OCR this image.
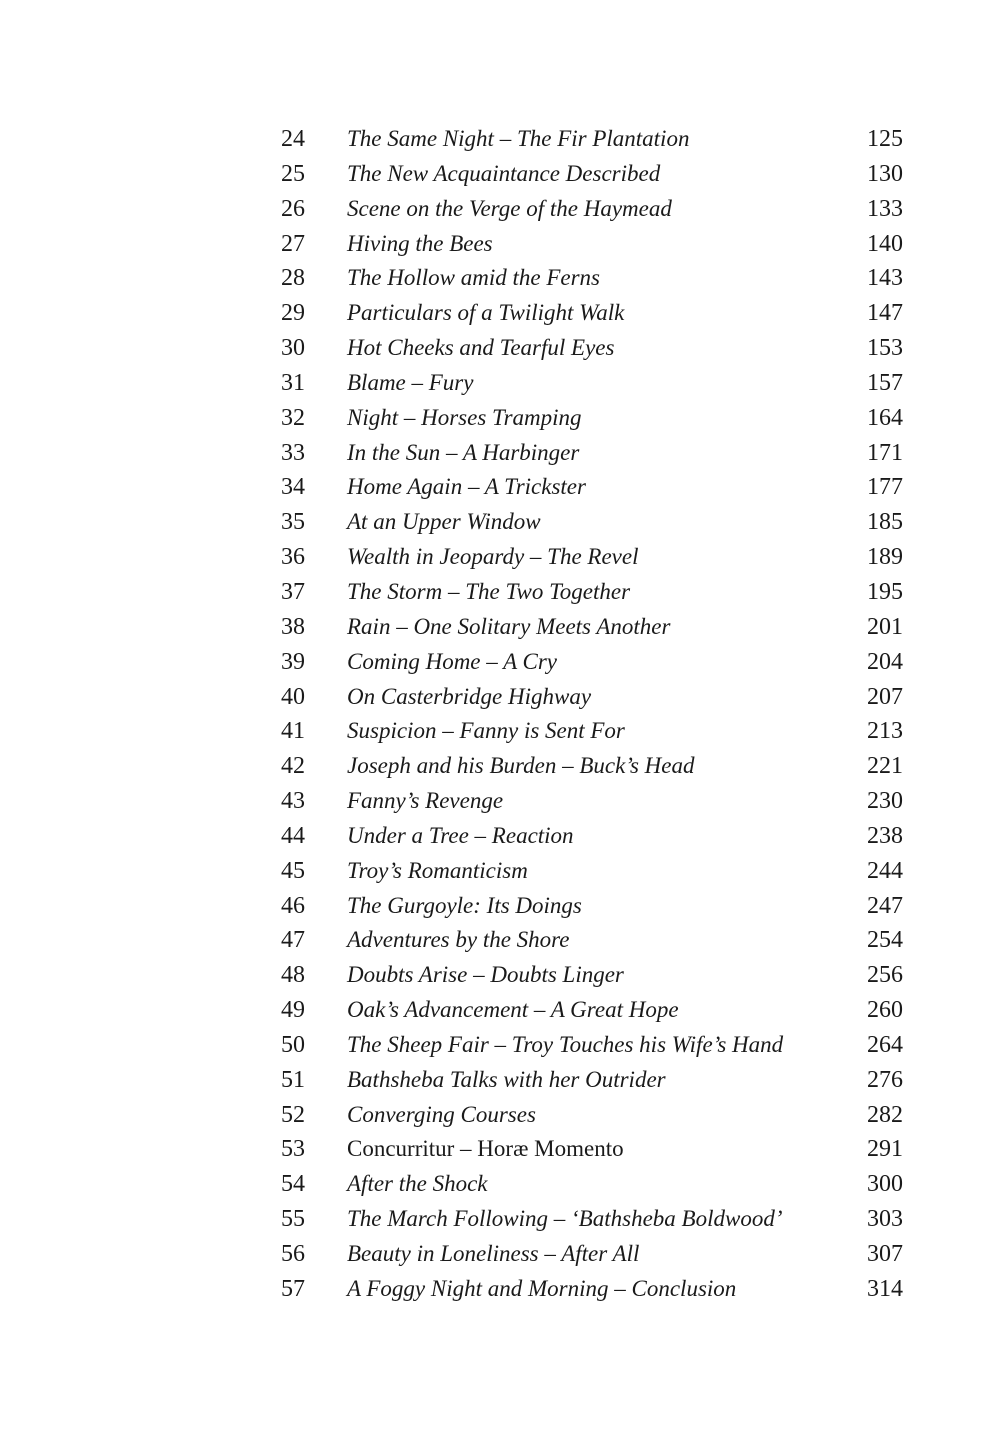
24	The Same Night – The Fir Plantation	125
25	The New Acquaintance Described	130
26	Scene on the Verge of the Haymead	133
27	Hiving the Bees	140
28	The Hollow amid the Ferns	143
29	Particulars of a Twilight Walk	147
30	Hot Cheeks and Tearful Eyes	153
31	Blame – Fury	157
32	Night – Horses Tramping	164
33	In the Sun – A Harbinger	171
34	Home Again – A Trickster	177
35	At an Upper Window	185
36	Wealth in Jeopardy – The Revel	189
37	The Storm – The Two Together	195
38	Rain – One Solitary Meets Another	201
39	Coming Home – A Cry	204
40	On Casterbridge Highway	207
41	Suspicion – Fanny is Sent For	213
42	Joseph and his Burden – Buck’s Head	221
43	Fanny’s Revenge	230
44	Under a Tree – Reaction	238
45	Troy’s Romanticism	244
46	The Gurgoyle: Its Doings	247
47	Adventures by the Shore	254
48	Doubts Arise – Doubts Linger	256
49	Oak’s Advancement – A Great Hope	260
50	The Sheep Fair – Troy Touches his Wife’s Hand	264
51	Bathsheba Talks with her Outrider	276
52	Converging Courses	282
53	Concurritur – Horæ Momento	291
54	After the Shock	300
55	The March Following – ‘Bathsheba Boldwood’	303
56	Beauty in Loneliness – After All	307
57	A Foggy Night and Morning – Conclusion	314
